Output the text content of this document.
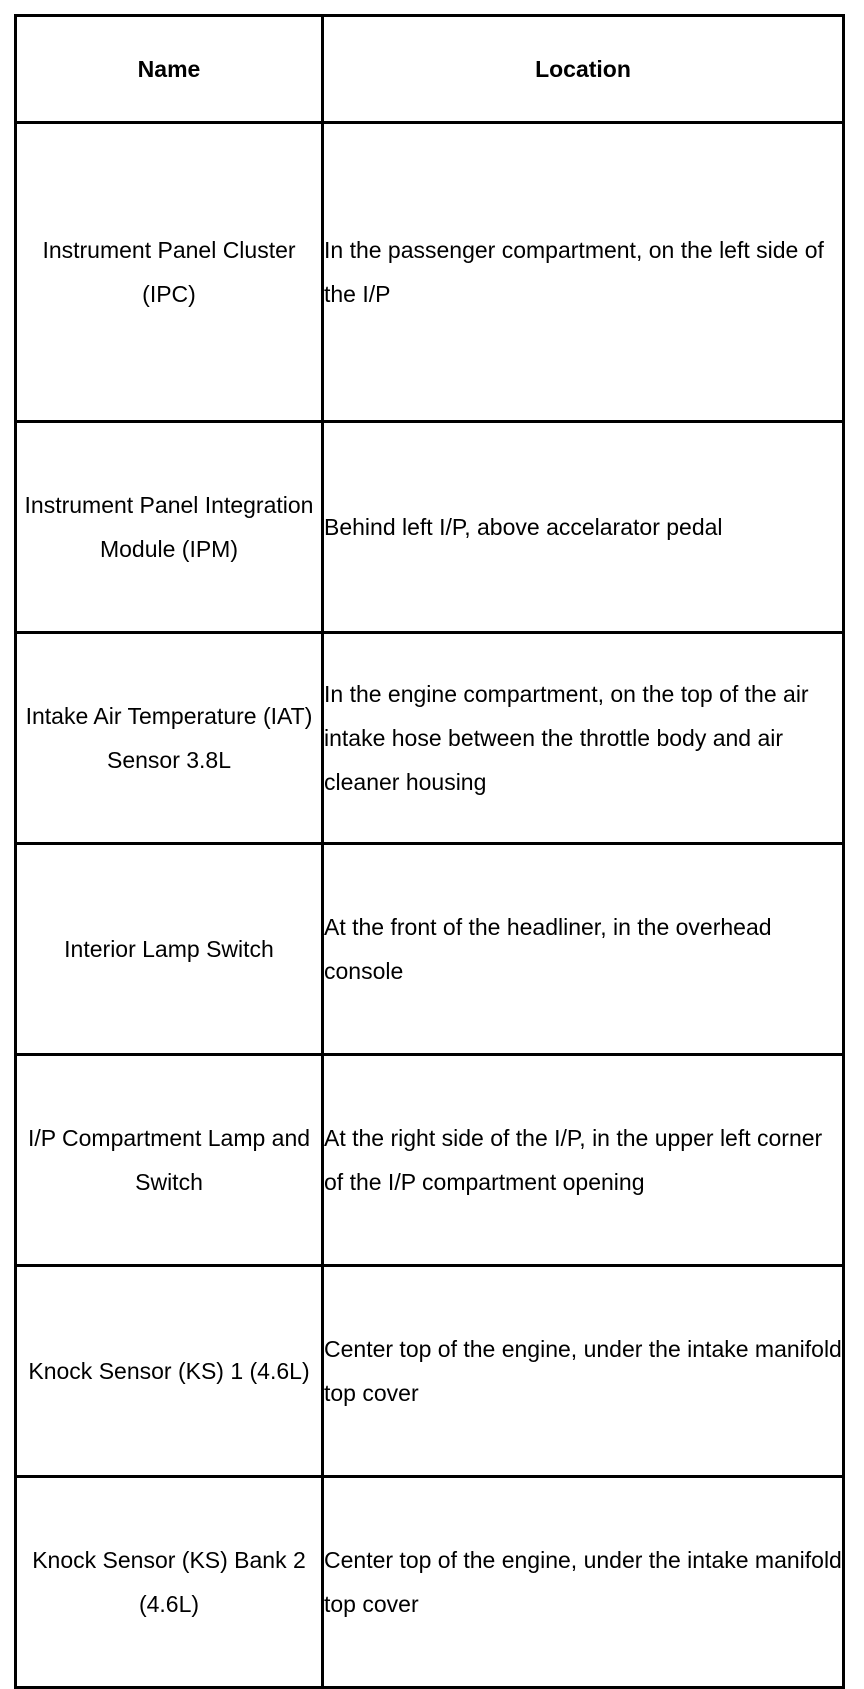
Name	Location
Instrument Panel Cluster (IPC)	In the passenger compartment, on the left side of the I/P
Instrument Panel Integration Module (IPM)	Behind left I/P, above accelarator pedal
Intake Air Temperature (IAT) Sensor 3.8L	In the engine compartment, on the top of the air intake hose between the throttle body and air cleaner housing
Interior Lamp Switch	At the front of the headliner, in the overhead console
I/P Compartment Lamp and Switch	At the right side of the I/P, in the upper left corner of the I/P compartment opening
Knock Sensor (KS) 1 (4.6L)	Center top of the engine, under the intake manifold top cover
Knock Sensor (KS) Bank 2 (4.6L)	Center top of the engine, under the intake manifold top cover
